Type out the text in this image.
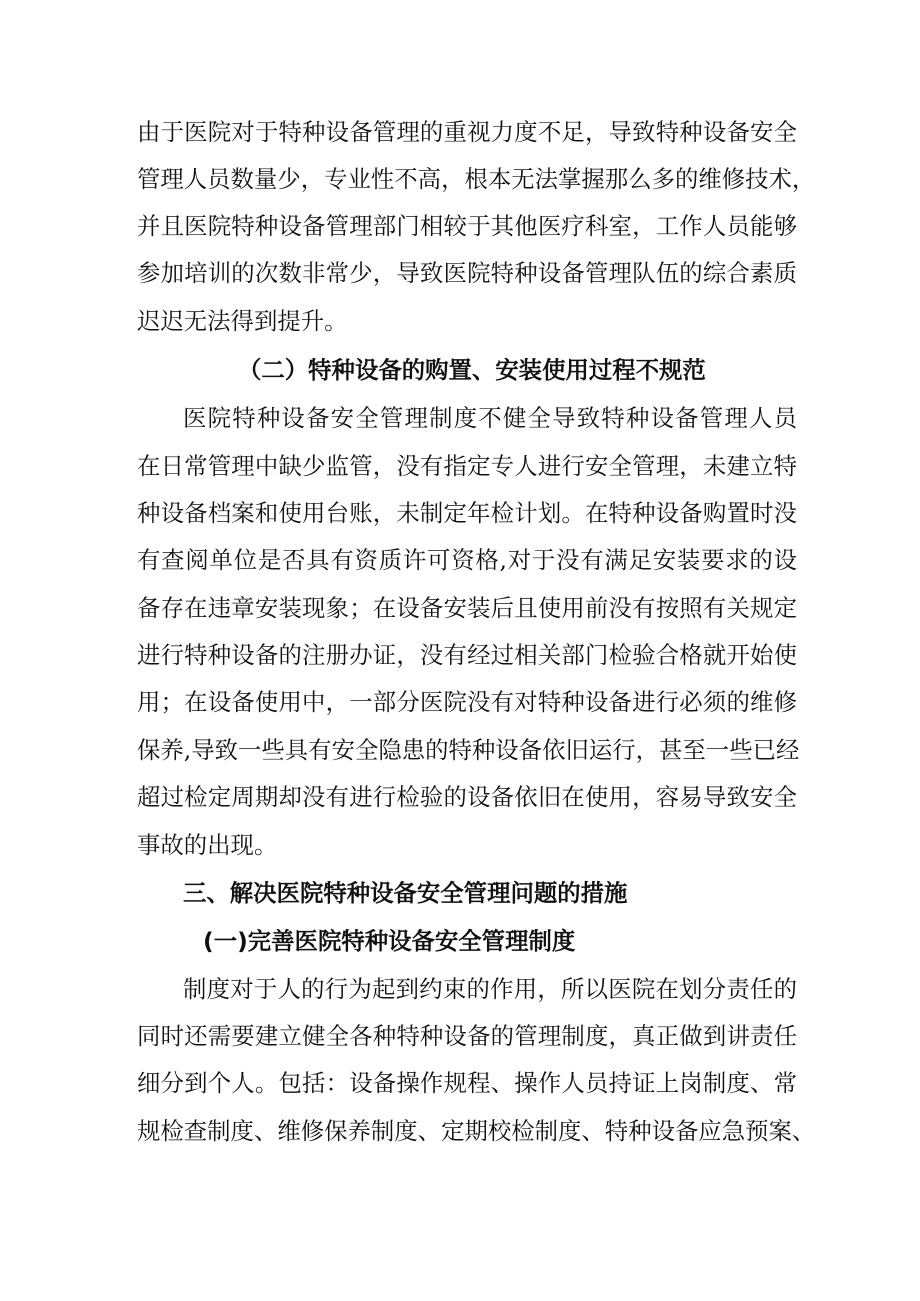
由于医院对于特种设备管理的重视力度不足，导致特种设备安全
管理人员数量少，专业性不高，根本无法掌握那么多的维修技术，
并且医院特种设备管理部门相较于其他医疗科室，工作人员能够
参加培训的次数非常少，导致医院特种设备管理队伍的综合素质
迟迟无法得到提升。
（二）特种设备的购置、安装使用过程不规范
医院特种设备安全管理制度不健全导致特种设备管理人员
在日常管理中缺少监管，没有指定专人进行安全管理，未建立特
种设备档案和使用台账，未制定年检计划。在特种设备购置时没
有查阅单位是否具有资质许可资格,对于没有满足安装要求的设
备存在违章安装现象；在设备安装后且使用前没有按照有关规定
进行特种设备的注册办证，没有经过相关部门检验合格就开始使
用；在设备使用中，一部分医院没有对特种设备进行必须的维修
保养,导致一些具有安全隐患的特种设备依旧运行，甚至一些已经
超过检定周期却没有进行检验的设备依旧在使用，容易导致安全
事故的出现。
三、解决医院特种设备安全管理问题的措施
(一)完善医院特种设备安全管理制度
制度对于人的行为起到约束的作用，所以医院在划分责任的
同时还需要建立健全各种特种设备的管理制度，真正做到讲责任
细分到个人。包括：设备操作规程、操作人员持证上岗制度、常
规检查制度、维修保养制度、定期校检制度、特种设备应急预案、
